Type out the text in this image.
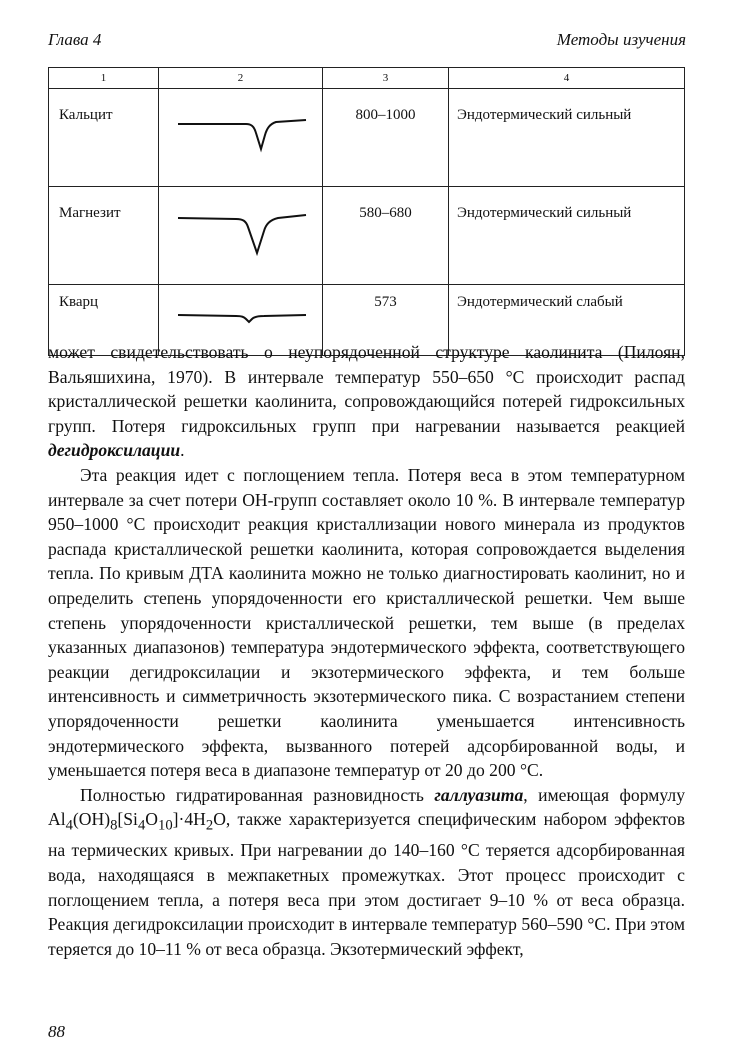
Глава 4	Методы изучения
1	2	3	4
Кальцит		800–1000	Эндотермический сильный
Магнезит		580–680	Эндотермический сильный
Кварц		573	Эндотермический слабый

может свидетельствовать о неупорядоченной структуре каолинита (Пилоян, Вальяшихина, 1970). В интервале температур 550–650 °С происходит распад кристаллической решетки каолинита, сопровождающийся потерей гидроксильных групп. Потеря гидроксильных групп при нагревании называется реакцией дегидроксилации.

Эта реакция идет с поглощением тепла. Потеря веса в этом температурном интервале за счет потери ОН-групп составляет около 10 %. В интервале температур 950–1000 °С происходит реакция кристаллизации нового минерала из продуктов распада кристаллической решетки каолинита, которая сопровождается выделения тепла. По кривым ДТА каолинита можно не только диагностировать каолинит, но и определить степень упорядоченности его кристаллической решетки. Чем выше степень упорядоченности кристаллической решетки, тем выше (в пределах указанных диапазонов) температура эндотермического эффекта, соответствующего реакции дегидроксилации и экзотермического эффекта, и тем больше интенсивность и симметричность экзотермического пика. С возрастанием степени упорядоченности решетки каолинита уменьшается интенсивность эндотермического эффекта, вызванного потерей адсорбированной воды, и уменьшается потеря веса в диапазоне температур от 20 до 200 °С.

Полностью гидратированная разновидность галлуазита, имеющая формулу $Al_4(OH)_8[Si_4O_{10}]\cdot 4H_2O$, также характеризуется специфическим набором эффектов на термических кривых. При нагревании до 140–160 °С теряется адсорбированная вода, находящаяся в межпакетных промежутках. Этот процесс происходит с поглощением тепла, а потеря веса при этом достигает 9–10 % от веса образца. Реакция дегидроксилации происходит в интервале температур 560–590 °С. При этом теряется до 10–11 % от веса образца. Экзотермический эффект,

88
